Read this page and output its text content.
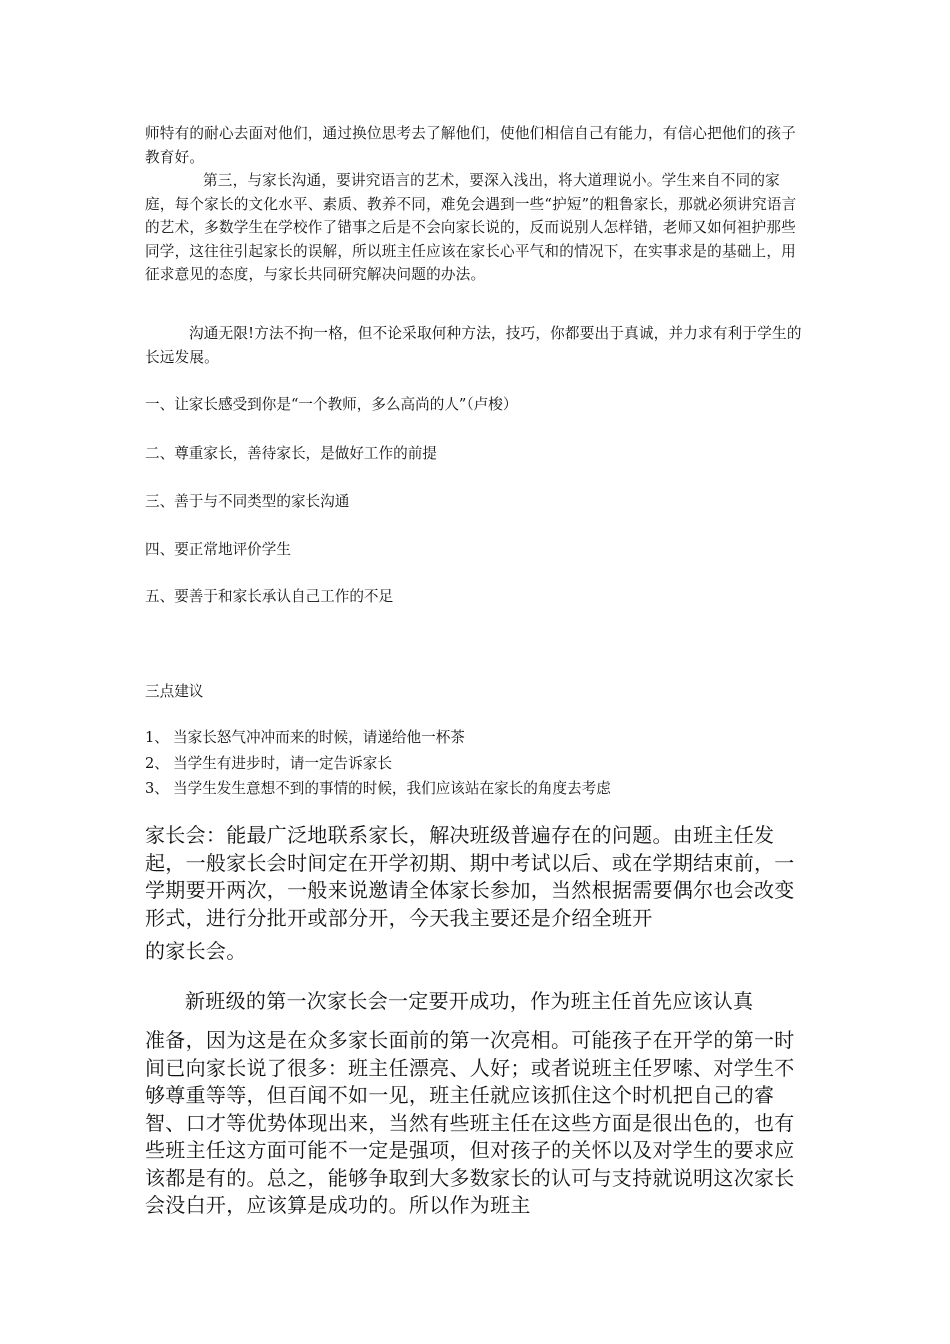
师特有的耐心去面对他们，通过换位思考去了解他们，使他们相信自己有能力，有信心把他们的孩子教育好。

第三，与家长沟通，要讲究语言的艺术，要深入浅出，将大道理说小。学生来自不同的家庭，每个家长的文化水平、素质、教养不同，难免会遇到一些“护短”的粗鲁家长，那就必须讲究语言的艺术，多数学生在学校作了错事之后是不会向家长说的，反而说别人怎样错，老师又如何袒护那些同学，这往往引起家长的误解，所以班主任应该在家长心平气和的情况下，在实事求是的基础上，用征求意见的态度，与家长共同研究解决问题的办法。

沟通无限!方法不拘一格，但不论采取何种方法，技巧，你都要出于真诚，并力求有利于学生的长远发展。

一、让家长感受到你是“一个教师，多么高尚的人”（卢梭）

二、尊重家长，善待家长，是做好工作的前提

三、善于与不同类型的家长沟通

四、要正常地评价学生

五、要善于和家长承认自己工作的不足

三点建议

1、 当家长怒气冲冲而来的时候，请递给他一杯茶
2、 当学生有进步时，请一定告诉家长
3、 当学生发生意想不到的事情的时候，我们应该站在家长的角度去考虑

家长会：能最广泛地联系家长，解决班级普遍存在的问题。由班主任发起，一般家长会时间定在开学初期、期中考试以后、或在学期结束前，一学期要开两次，一般来说邀请全体家长参加，当然根据需要偶尔也会改变形式，进行分批开或部分开，今天我主要还是介绍全班开

的家长会。

新班级的第一次家长会一定要开成功，作为班主任首先应该认真

准备，因为这是在众多家长面前的第一次亮相。可能孩子在开学的第一时间已向家长说了很多：班主任漂亮、人好；或者说班主任罗嗦、对学生不够尊重等等，但百闻不如一见，班主任就应该抓住这个时机把自己的睿智、口才等优势体现出来，当然有些班主任在这些方面是很出色的，也有些班主任这方面可能不一定是强项，但对孩子的关怀以及对学生的要求应该都是有的。总之，能够争取到大多数家长的认可与支持就说明这次家长会没白开，应该算是成功的。所以作为班主
